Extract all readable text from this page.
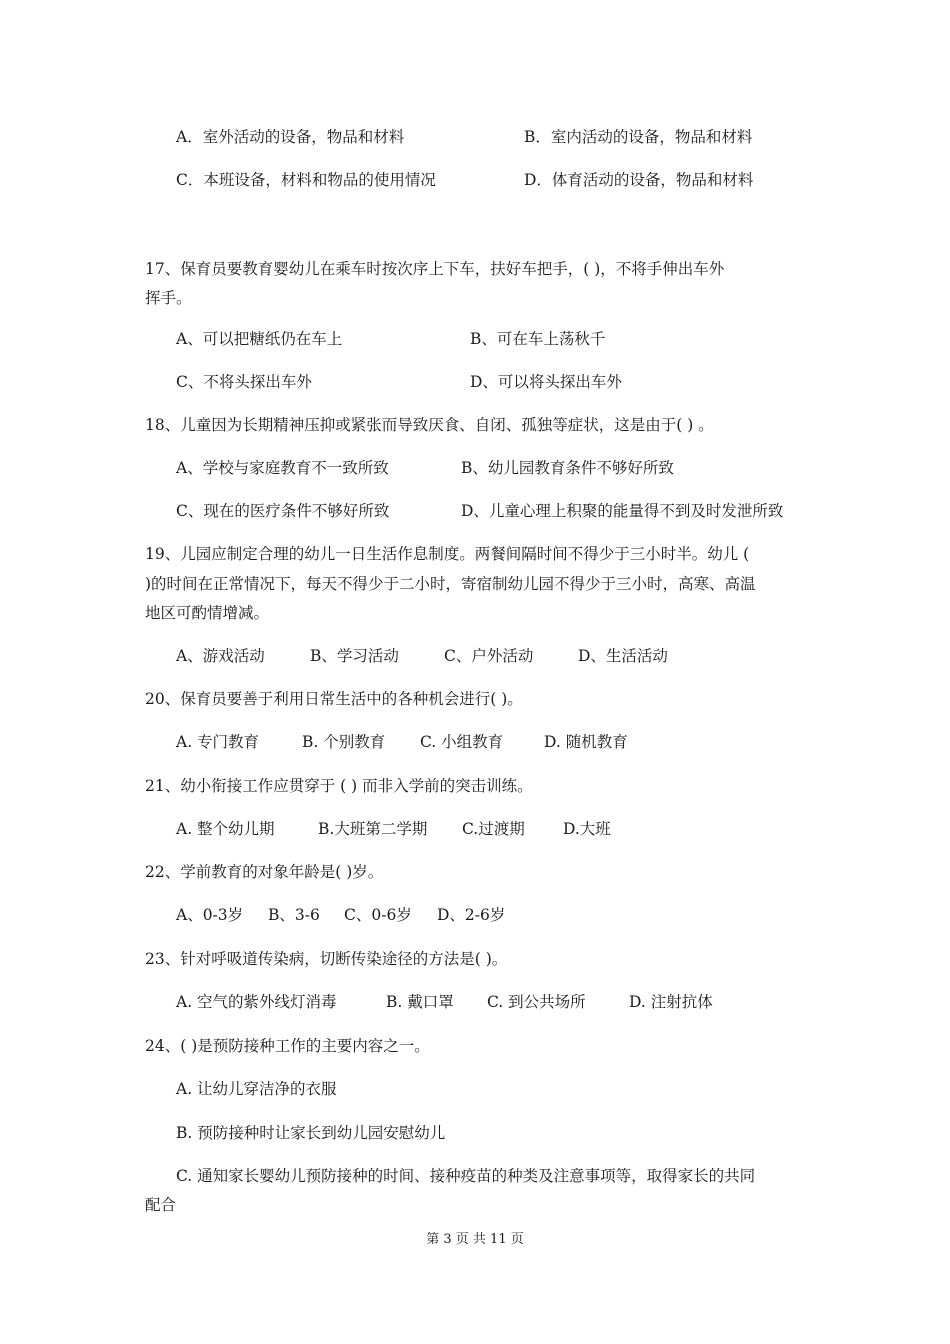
A．室外活动的设备，物品和材料	B．室内活动的设备，物品和材料
C．本班设备，材料和物品的使用情况	D．体育活动的设备，物品和材料
17、保育员要教育婴幼儿在乘车时按次序上下车，扶好车把手，( )，不将手伸出车外
挥手。
A、可以把糖纸仍在车上	B、可在车上荡秋千
C、不将头探出车外	D、可以将头探出车外
18、儿童因为长期精神压抑或紧张而导致厌食、自闭、孤独等症状，这是由于( ) 。
A、学校与家庭教育不一致所致	B、幼儿园教育条件不够好所致
C、现在的医疗条件不够好所致	D、儿童心理上积聚的能量得不到及时发泄所致
19、儿园应制定合理的幼儿一日生活作息制度。两餐间隔时间不得少于三小时半。幼儿 (
)的时间在正常情况下，每天不得少于二小时，寄宿制幼儿园不得少于三小时，高寒、高温
地区可酌情增减。
A、游戏活动	B、学习活动	C、户外活动	D、生活活动
20、保育员要善于利用日常生活中的各种机会进行( )。
A. 专门教育	B. 个别教育 C. 小组教育	D. 随机教育
21、幼小衔接工作应贯穿于 ( ) 而非入学前的突击训练。
A. 整个幼儿期	B.大班第二学期 C.过渡期 D.大班
22、学前教育的对象年龄是( )岁。
A、0-3岁 B、3-6 C、0-6岁 D、2-6岁
23、针对呼吸道传染病，切断传染途径的方法是( )。
A. 空气的紫外线灯消毒	B. 戴口罩 C. 到公共场所	D. 注射抗体
24、( )是预防接种工作的主要内容之一。
A. 让幼儿穿洁净的衣服
B. 预防接种时让家长到幼儿园安慰幼儿
C. 通知家长婴幼儿预防接种的时间、接种疫苗的种类及注意事项等，取得家长的共同
配合
第 3 页 共 11 页
